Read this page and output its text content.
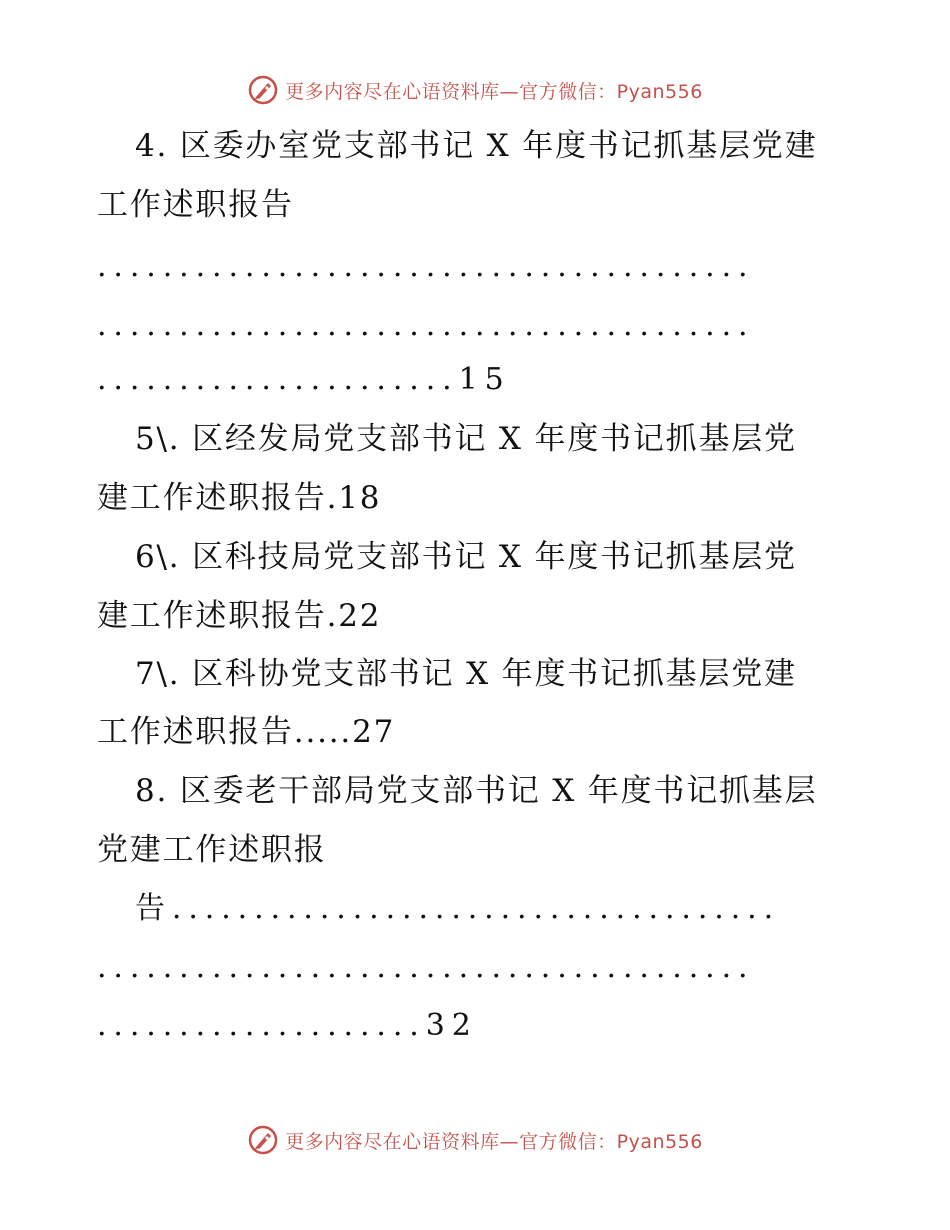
更多内容尽在心语资料库—官方微信：Pyan556
4. 区委办室党支部书记 X 年度书记抓基层党建
工作述职报告
........................................
........................................
......................15
5\. 区经发局党支部书记 X 年度书记抓基层党
建工作述职报告.18
6\. 区科技局党支部书记 X 年度书记抓基层党
建工作述职报告.22
7\. 区科协党支部书记 X 年度书记抓基层党建
工作述职报告.....27
8. 区委老干部局党支部书记 X 年度书记抓基层
党建工作述职报
告.....................................
........................................
....................32
更多内容尽在心语资料库—官方微信：Pyan556
